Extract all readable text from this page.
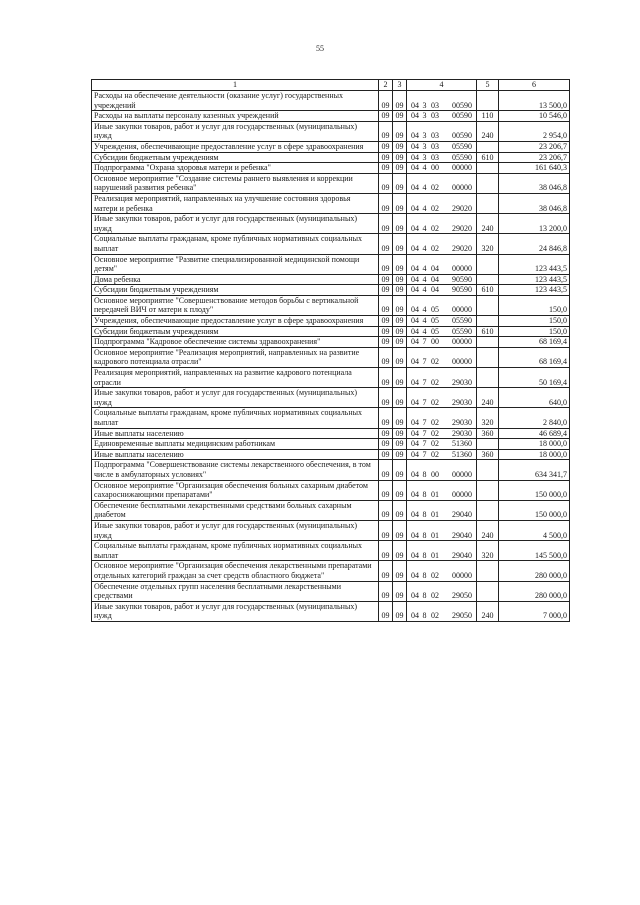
55
1	2	3	4	5	6
Расходы на обеспечение деятельности (оказание услуг) государственных учреждений	09	09	04 3 03 00590		13 500,0
Расходы на выплаты персоналу казенных учреждений	09	09	04 3 03 00590	110	10 546,0
Иные закупки товаров, работ и услуг для государственных (муниципальных) нужд	09	09	04 3 03 00590	240	2 954,0
Учреждения, обеспечивающие предоставление услуг в сфере здравоохранения	09	09	04 3 03 05590		23 206,7
Субсидии бюджетным учреждениям	09	09	04 3 03 05590	610	23 206,7
Подпрограмма "Охрана здоровья матери и ребенка"	09	09	04 4 00 00000		161 640,3
Основное мероприятие "Создание системы раннего выявления и коррекции нарушений развития ребенка"	09	09	04 4 02 00000		38 046,8
Реализация мероприятий, направленных на улучшение состояния здоровья матери и ребенка	09	09	04 4 02 29020		38 046,8
Иные закупки товаров, работ и услуг для государственных (муниципальных) нужд	09	09	04 4 02 29020	240	13 200,0
Социальные выплаты гражданам, кроме публичных нормативных социальных выплат	09	09	04 4 02 29020	320	24 846,8
Основное мероприятие "Развитие специализированной медицинской помощи детям"	09	09	04 4 04 00000		123 443,5
Дома ребенка	09	09	04 4 04 90590		123 443,5
Субсидии бюджетным учреждениям	09	09	04 4 04 90590	610	123 443,5
Основное мероприятие "Совершенствование методов борьбы с вертикальной передачей ВИЧ от матери к плоду"	09	09	04 4 05 00000		150,0
Учреждения, обеспечивающие предоставление услуг в сфере здравоохранения	09	09	04 4 05 05590		150,0
Субсидии бюджетным учреждениям	09	09	04 4 05 05590	610	150,0
Подпрограмма "Кадровое обеспечение системы здравоохранения"	09	09	04 7 00 00000		68 169,4
Основное мероприятие "Реализация мероприятий, направленных на развитие кадрового потенциала отрасли"	09	09	04 7 02 00000		68 169,4
Реализация мероприятий, направленных на развитие кадрового потенциала отрасли	09	09	04 7 02 29030		50 169,4
Иные закупки товаров, работ и услуг для государственных (муниципальных) нужд	09	09	04 7 02 29030	240	640,0
Социальные выплаты гражданам, кроме публичных нормативных социальных выплат	09	09	04 7 02 29030	320	2 840,0
Иные выплаты населению	09	09	04 7 02 29030	360	46 689,4
Единовременные выплаты медицинским работникам	09	09	04 7 02 51360		18 000,0
Иные выплаты населению	09	09	04 7 02 51360	360	18 000,0
Подпрограмма "Совершенствование системы лекарственного обеспечения, в том числе в амбулаторных условиях"	09	09	04 8 00 00000		634 341,7
Основное мероприятие "Организация обеспечения больных сахарным диабетом сахароснижающими препаратами"	09	09	04 8 01 00000		150 000,0
Обеспечение бесплатными лекарственными средствами больных сахарным диабетом	09	09	04 8 01 29040		150 000,0
Иные закупки товаров, работ и услуг для государственных (муниципальных) нужд	09	09	04 8 01 29040	240	4 500,0
Социальные выплаты гражданам, кроме публичных нормативных социальных выплат	09	09	04 8 01 29040	320	145 500,0
Основное мероприятие "Организация обеспечения лекарственными препаратами отдельных категорий граждан за счет средств областного бюджета"	09	09	04 8 02 00000		280 000,0
Обеспечение отдельных групп населения бесплатными лекарственными средствами	09	09	04 8 02 29050		280 000,0
Иные закупки товаров, работ и услуг для государственных (муниципальных) нужд	09	09	04 8 02 29050	240	7 000,0
